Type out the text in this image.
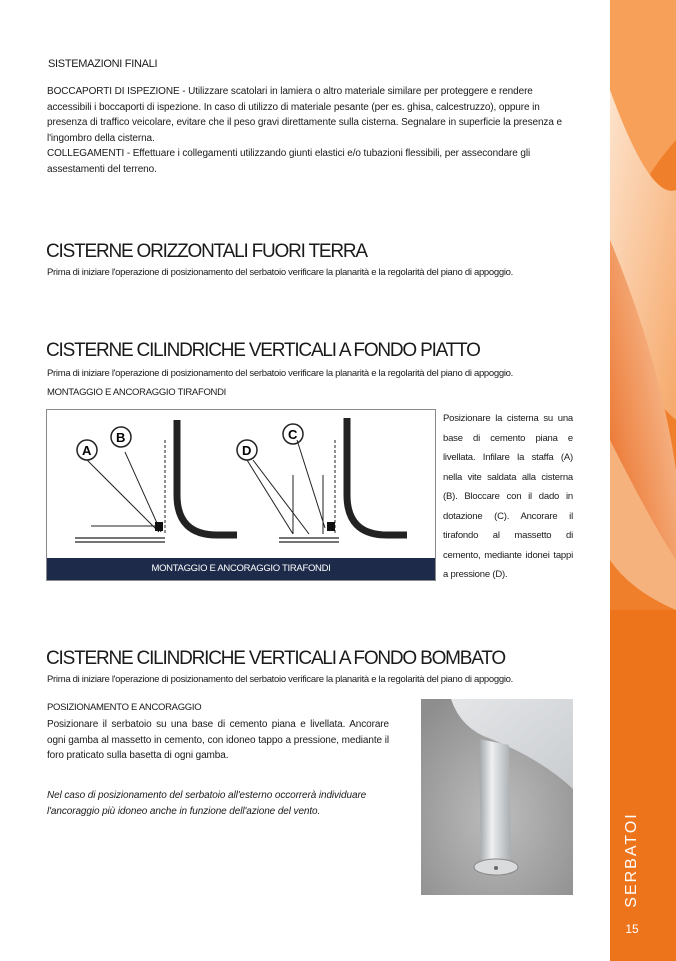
SISTEMAZIONI FINALI
BOCCAPORTI DI ISPEZIONE - Utilizzare scatolari in lamiera o altro materiale similare per proteggere e rendere accessibili i boccaporti di ispezione. In caso di utilizzo di materiale pesante (per es. ghisa, calcestruzzo), oppure in presenza di traffico veicolare, evitare che il peso gravi direttamente sulla cisterna. Segnalare in superficie la presenza e l'ingombro della cisterna.
COLLEGAMENTI - Effettuare i collegamenti utilizzando giunti elastici e/o tubazioni flessibili, per assecondare gli assestamenti del terreno.
CISTERNE ORIZZONTALI FUORI TERRA
Prima di iniziare l'operazione di posizionamento del serbatoio verificare la planarità e la regolarità del piano di appoggio.
CISTERNE CILINDRICHE VERTICALI A FONDO PIATTO
Prima di iniziare l'operazione di posizionamento del serbatoio verificare la planarità e la regolarità del piano di appoggio.
MONTAGGIO E ANCORAGGIO TIRAFONDI
A
B
D
C
MONTAGGIO E ANCORAGGIO TIRAFONDI
Posizionare la cisterna su una base di cemento piana e livellata. Infilare la staffa (A) nella vite saldata alla cisterna (B). Bloccare con il dado in dotazione (C). Ancorare il tirafondo al massetto di cemento, mediante idonei tappi a pressione (D).
CISTERNE CILINDRICHE VERTICALI A FONDO BOMBATO
Prima di iniziare l'operazione di posizionamento del serbatoio verificare la planarità e la regolarità del piano di appoggio.
POSIZIONAMENTO E ANCORAGGIO
Posizionare il serbatoio su una base di cemento piana e livellata. Ancorare ogni gamba al massetto in cemento, con idoneo tappo a pressione, mediante il foro praticato sulla basetta di ogni gamba.
Nel caso di posizionamento del serbatoio all'esterno occorrerà individuare l'ancoraggio più idoneo anche in funzione dell'azione del vento.
SERBATOI
15
